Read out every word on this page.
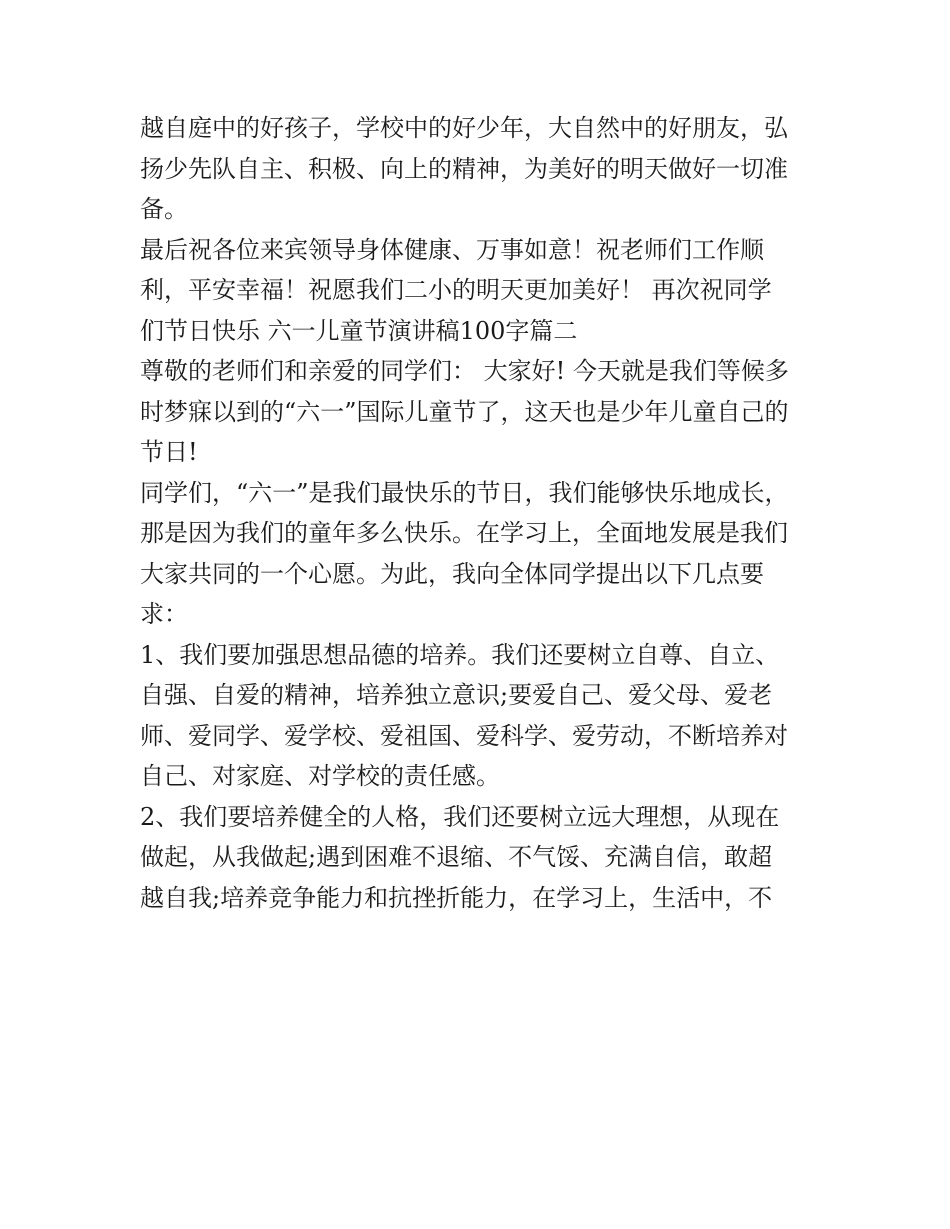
越自庭中的好孩子，学校中的好少年，大自然中的好朋友，弘
扬少先队自主、积极、向上的精神，为美好的明天做好一切准
备。
最后祝各位来宾领导身体健康、万事如意！祝老师们工作顺
利，平安幸福！祝愿我们二小的明天更加美好！ 再次祝同学
们节日快乐 六一儿童节演讲稿100字篇二
尊敬的老师们和亲爱的同学们： 大家好! 今天就是我们等候多
时梦寐以到的“六一”国际儿童节了，这天也是少年儿童自己的
节日!
同学们，“六一”是我们最快乐的节日，我们能够快乐地成长，
那是因为我们的童年多么快乐。在学习上，全面地发展是我们
大家共同的一个心愿。为此，我向全体同学提出以下几点要
求：
1、我们要加强思想品德的培养。我们还要树立自尊、自立、
自强、自爱的精神，培养独立意识;要爱自己、爱父母、爱老
师、爱同学、爱学校、爱祖国、爱科学、爱劳动，不断培养对
自己、对家庭、对学校的责任感。
2、我们要培养健全的人格，我们还要树立远大理想，从现在
做起，从我做起;遇到困难不退缩、不气馁、充满自信，敢超
越自我;培养竞争能力和抗挫折能力，在学习上，生活中，不
